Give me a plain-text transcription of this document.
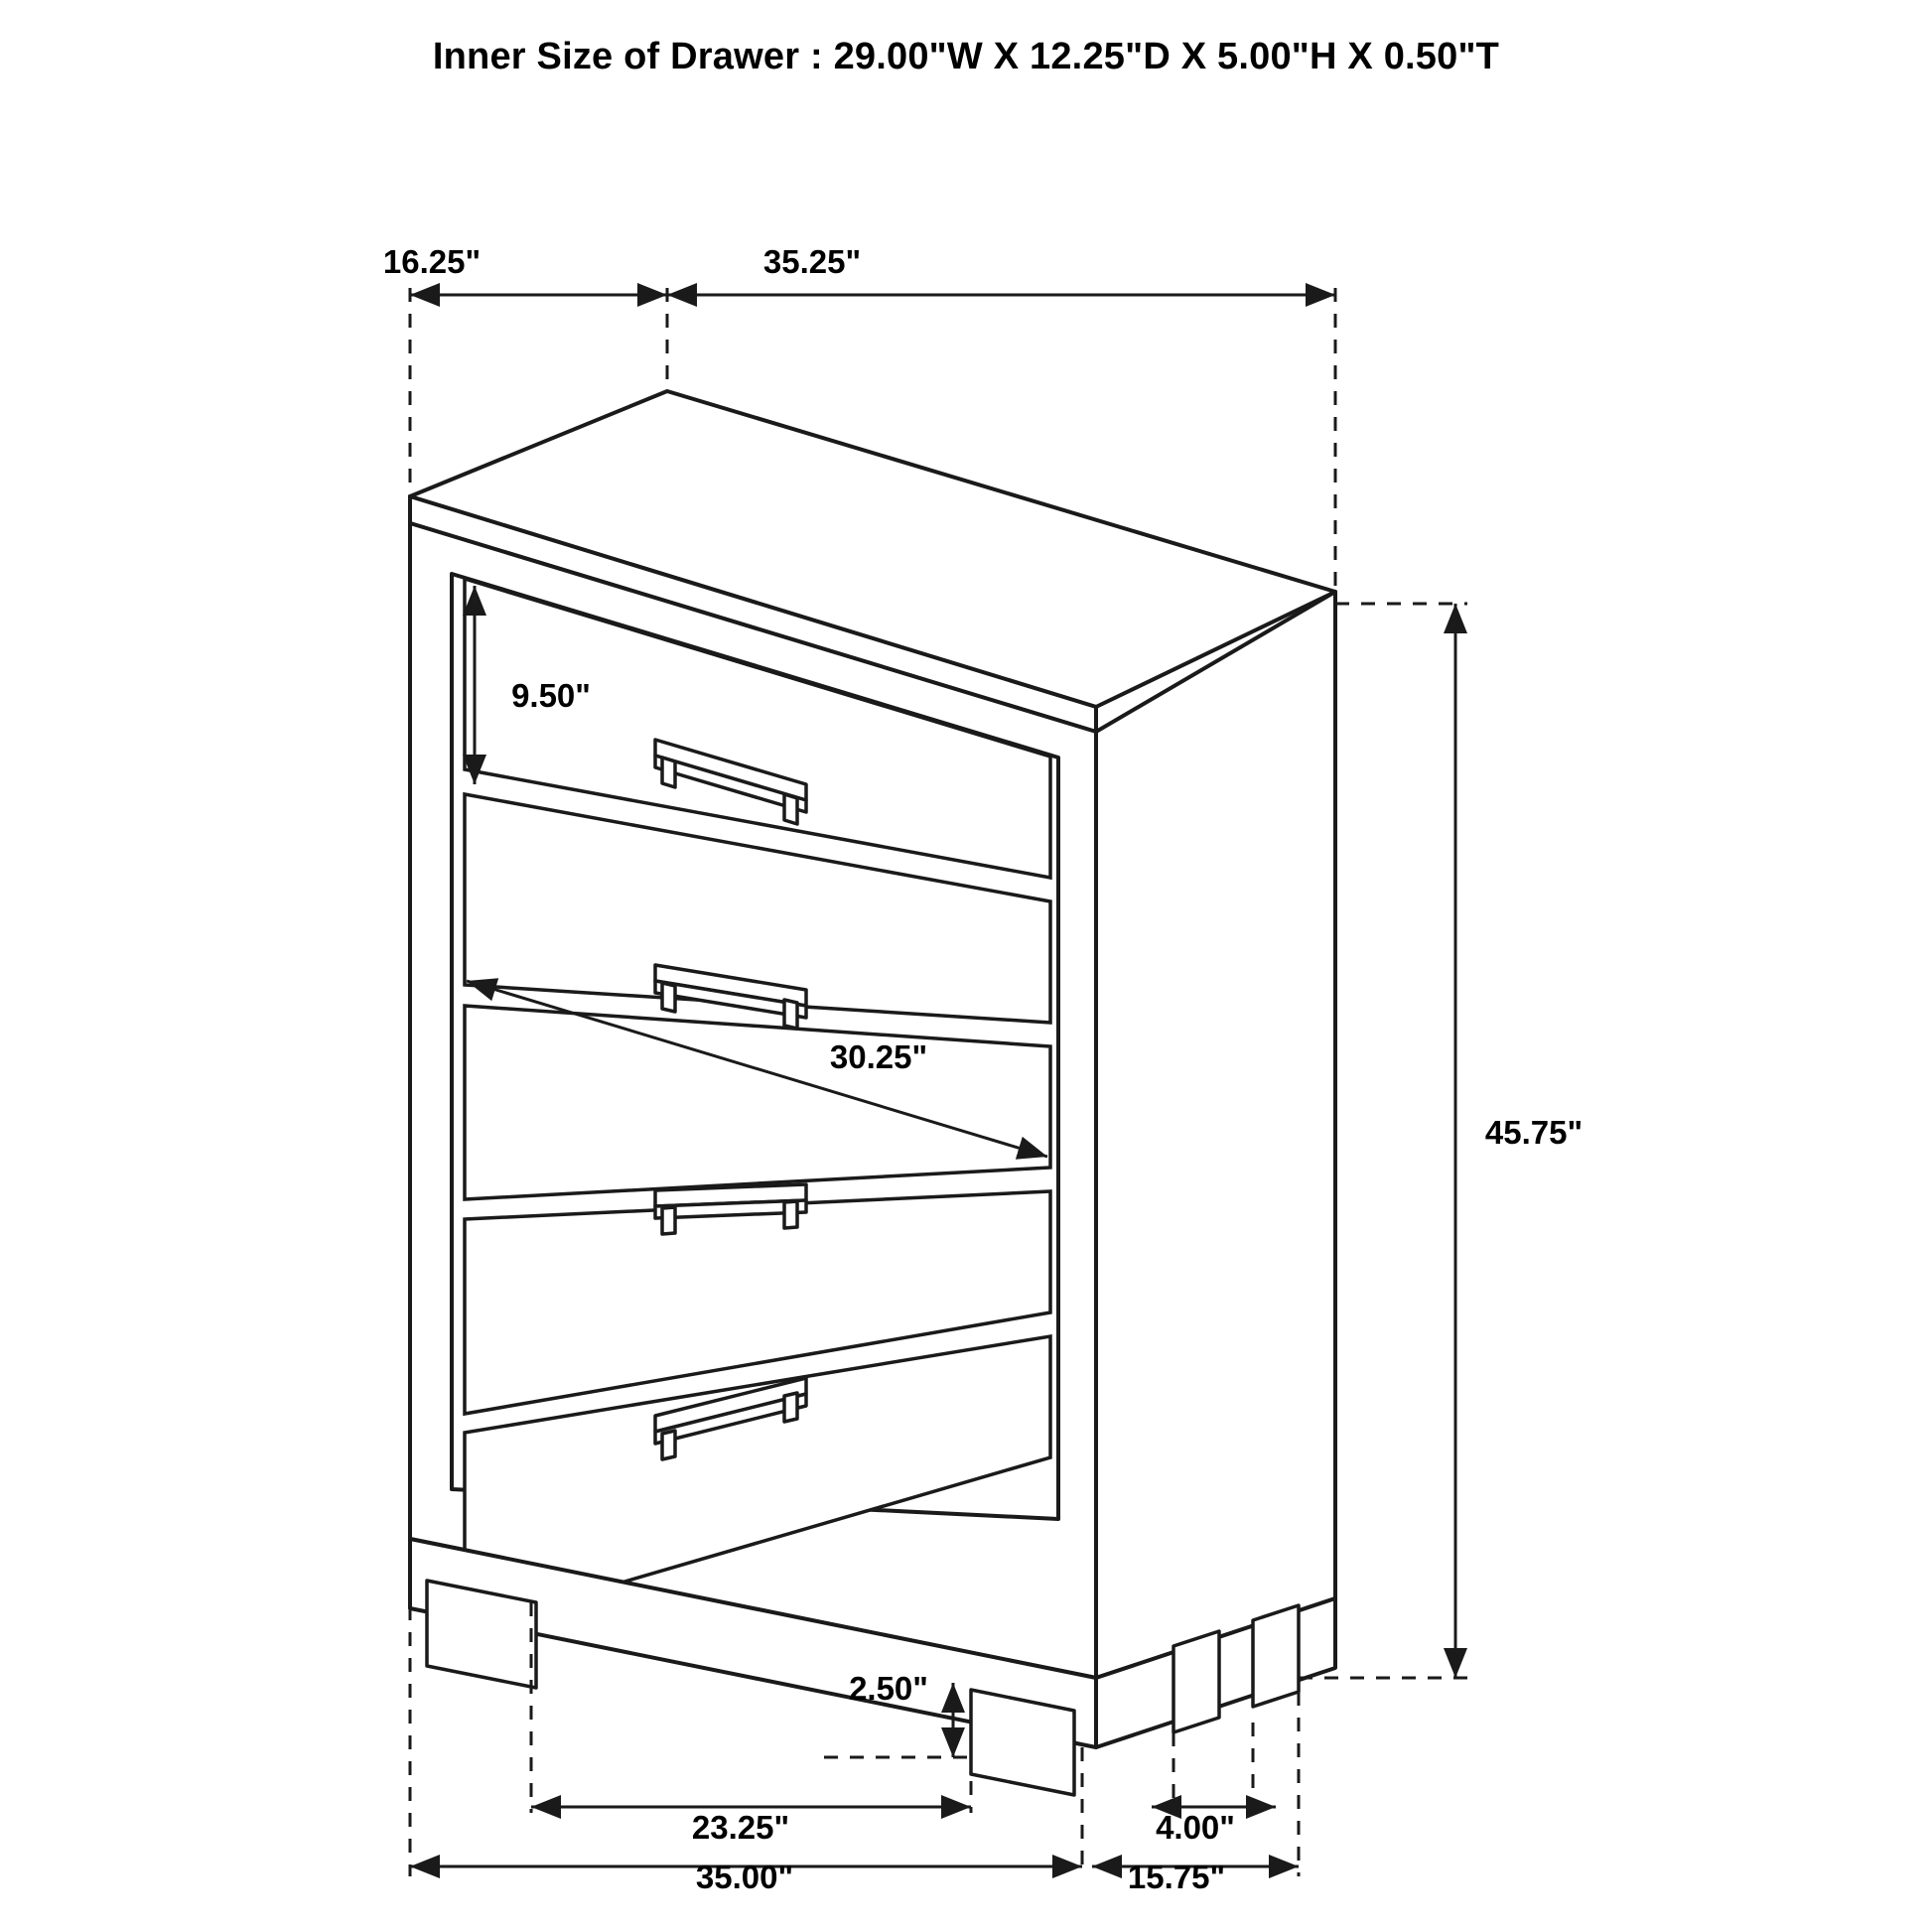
Inner Size of Drawer : 29.00"W X 12.25"D X 5.00"H X 0.50"T
16.25"	35.25"
9.50"
30.25"
45.75"
2.50"
23.25"	4.00"
35.00"	15.75"
